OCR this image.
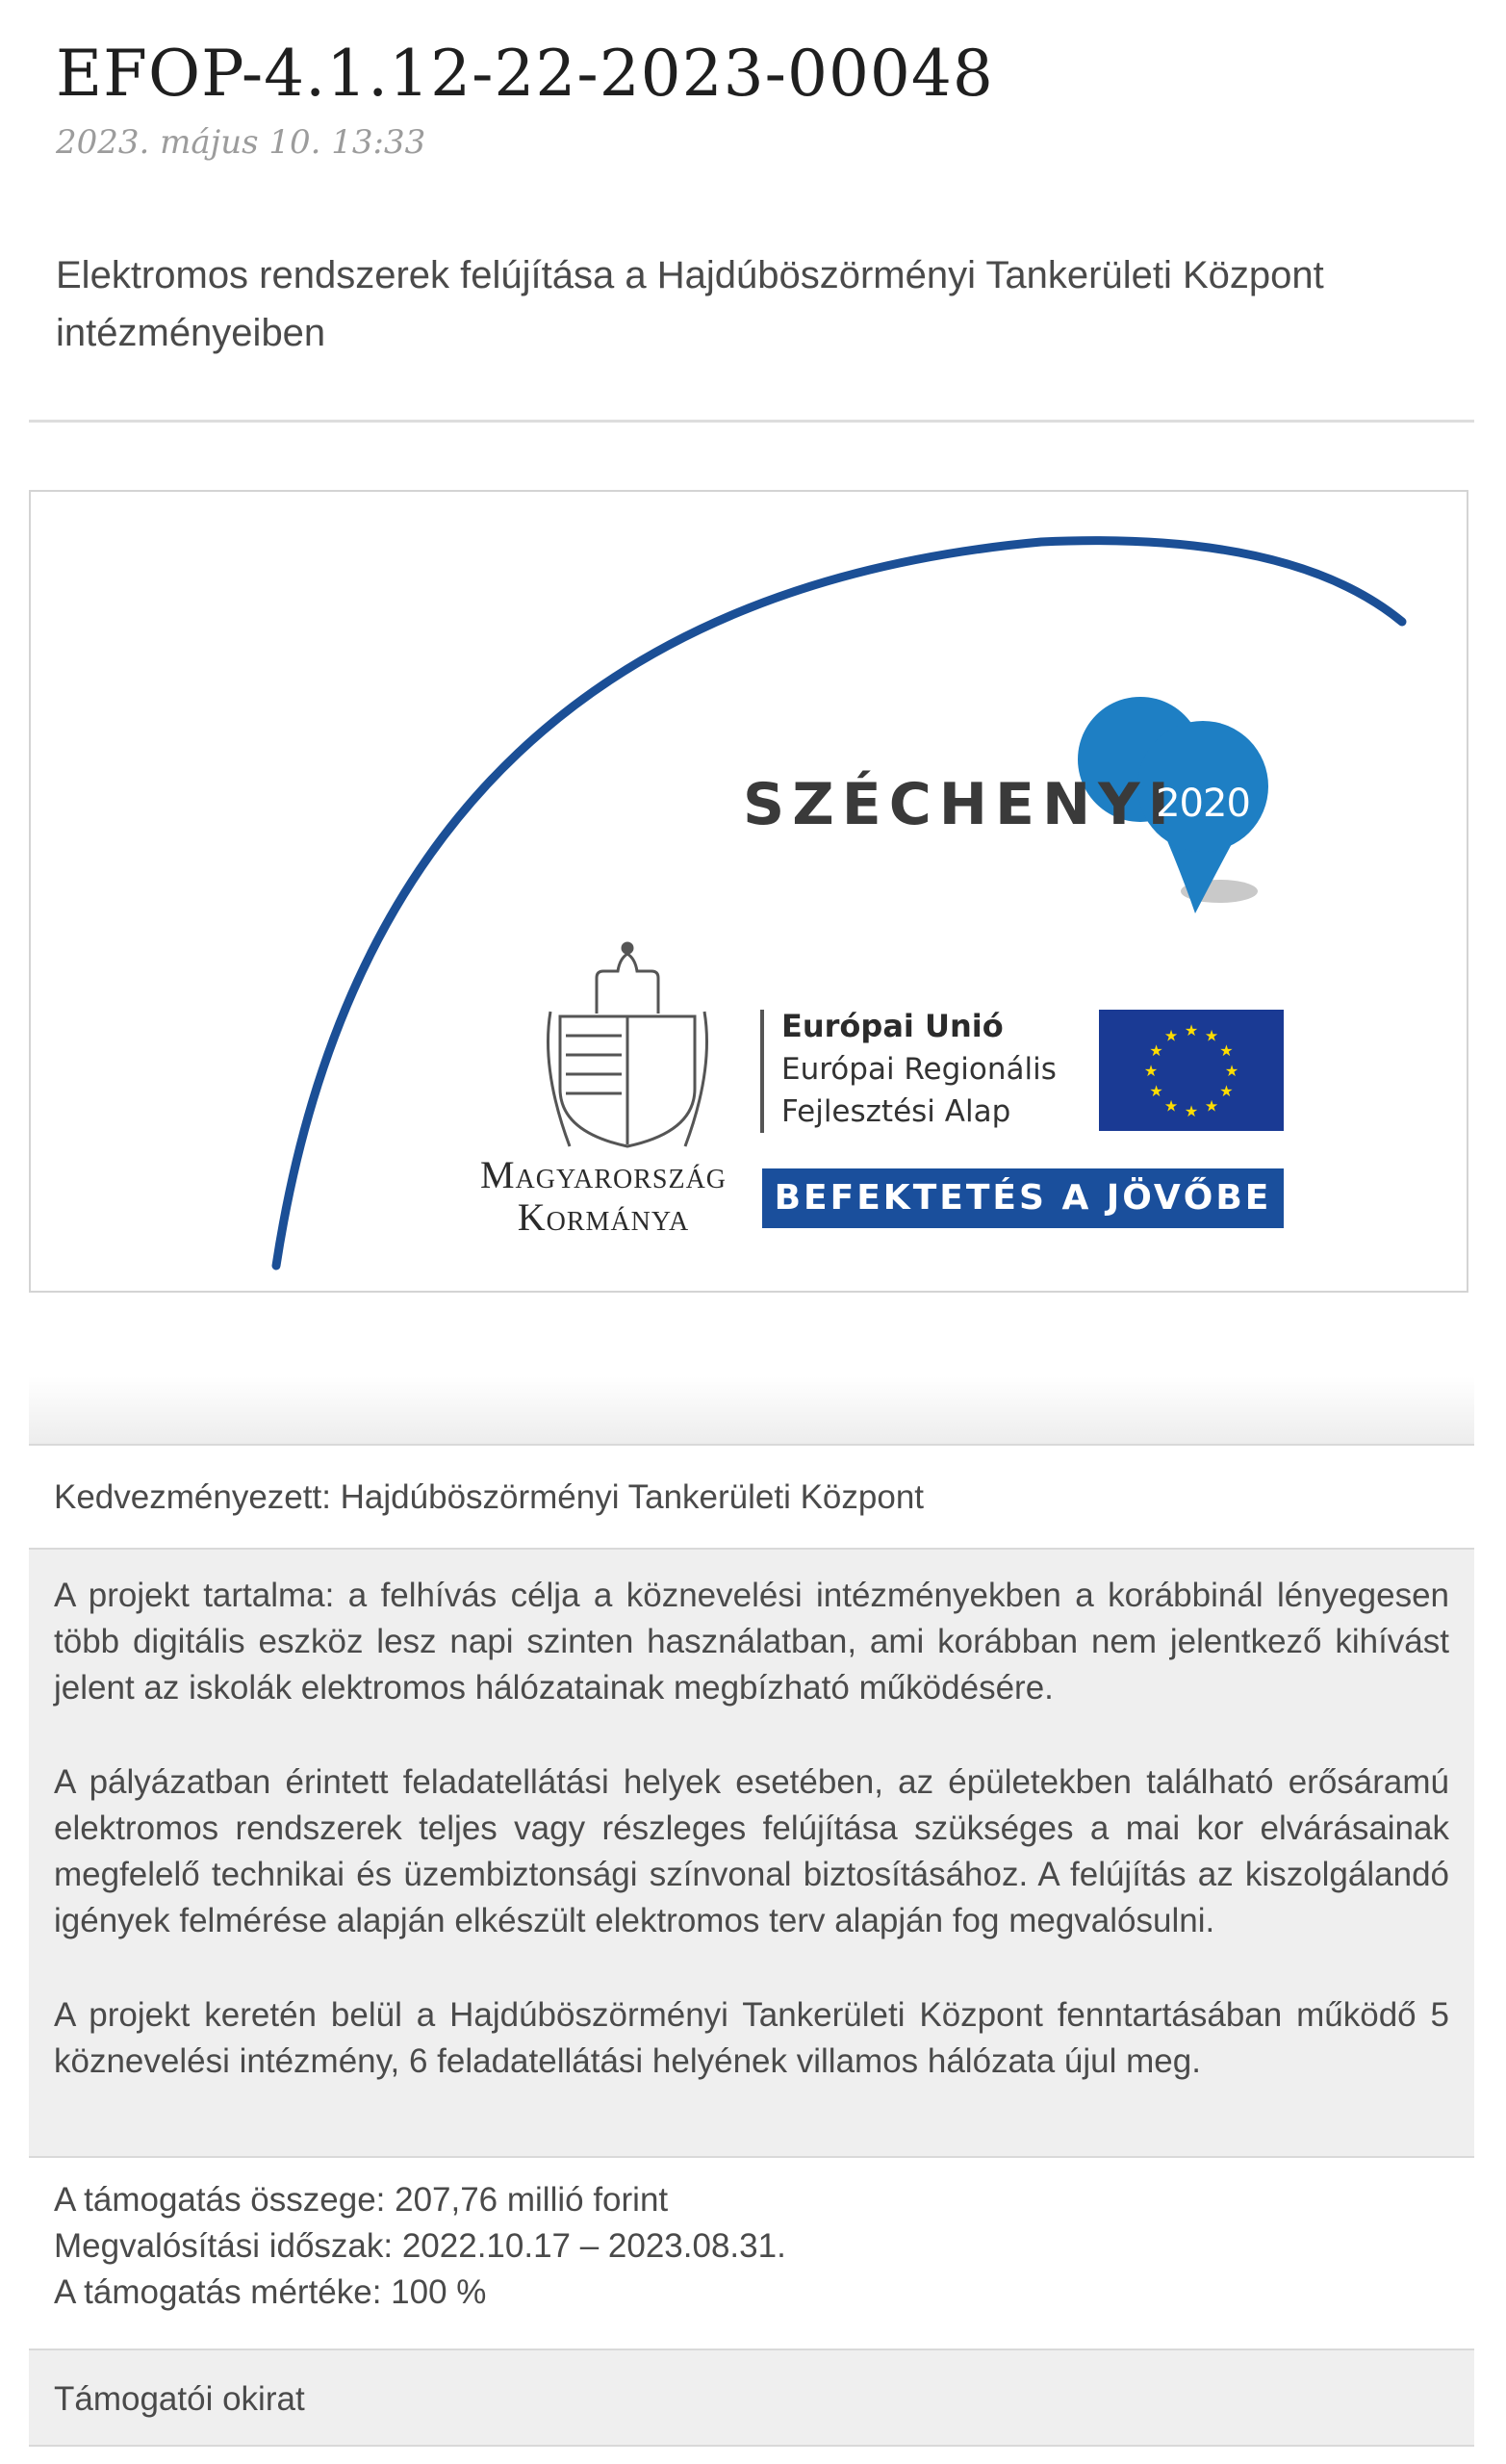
EFOP-4.1.12-22-2023-00048
2023. május 10. 13:33
Elektromos rendszerek felújítása a Hajdúböszörményi Tankerületi Központ intézményeiben
★
★
★
★
★
★
★
★
★ ★ ★
★
SZÉCHENYI
2020
Magyarország
Kormánya
Európai Unió
Európai Regionális
Fejlesztési Alap
BEFEKTETÉS A JÖVŐBE
Kedvezményezett: Hajdúböszörményi Tankerületi Központ

A projekt tartalma: a felhívás célja a köznevelési intézményekben a korábbinál lényegesen több digitális eszköz lesz napi szinten használatban, ami korábban nem jelentkező kihívást jelent az iskolák elektromos hálózatainak megbízható működésére.

A pályázatban érintett feladatellátási helyek esetében, az épületekben található erősáramú elektromos rendszerek teljes vagy részleges felújítása szükséges a mai kor elvárásainak megfelelő technikai és üzembiztonsági színvonal biztosításához. A felújítás az kiszolgálandó igények felmérése alapján elkészült elektromos terv alapján fog megvalósulni.

A projekt keretén belül a Hajdúböszörményi Tankerületi Központ fenntartásában működő 5 köznevelési intézmény, 6 feladatellátási helyének villamos hálózata újul meg.

A támogatás összege: 207,76 millió forint
Megvalósítási időszak: 2022.10.17 – 2023.08.31.
A támogatás mértéke: 100 %
Támogatói okirat
